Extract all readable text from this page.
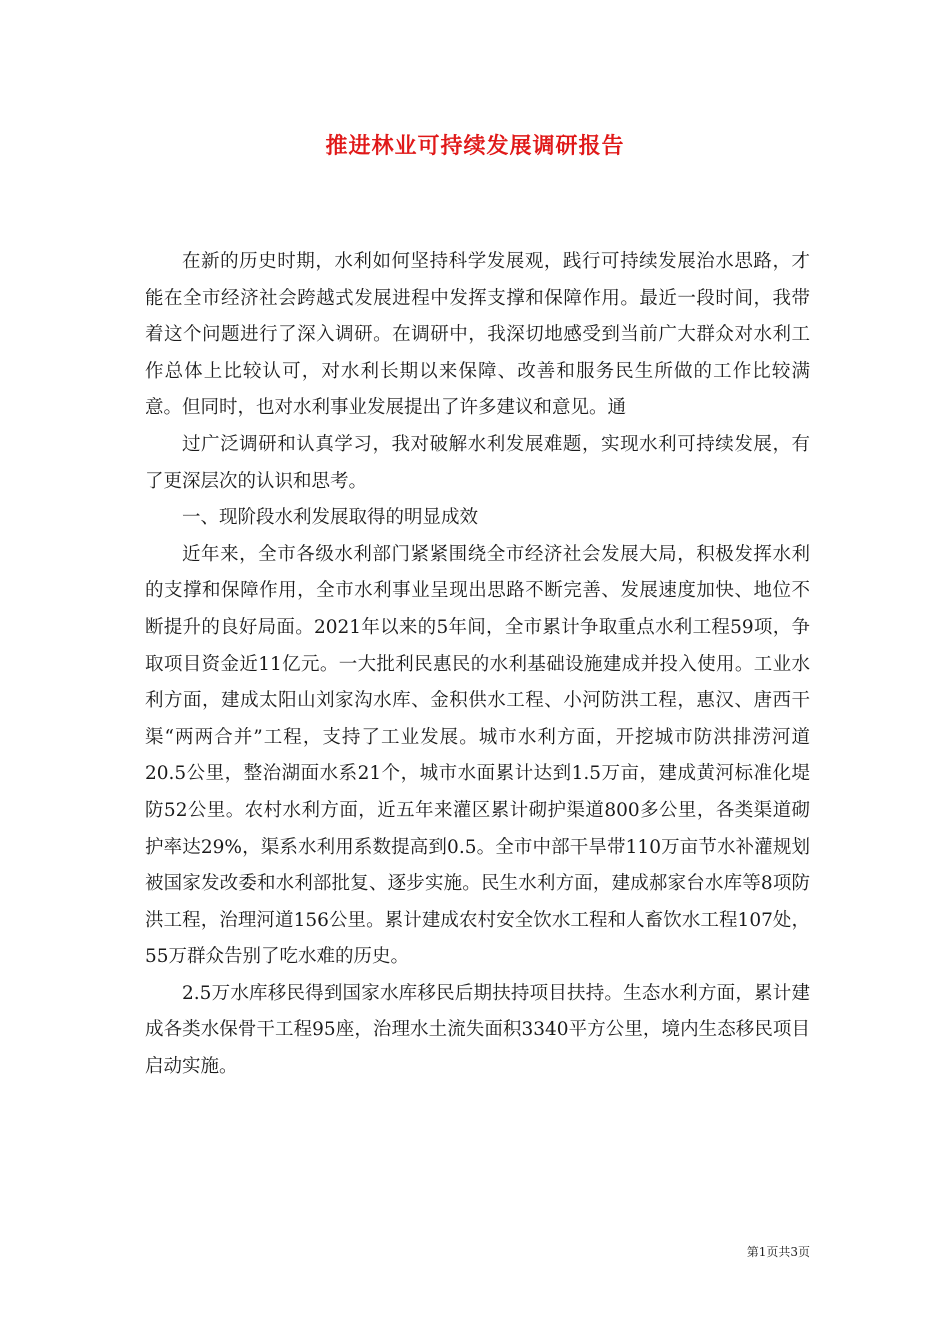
推进林业可持续发展调研报告

在新的历史时期，水利如何坚持科学发展观，践行可持续发展治水思路，才能在全市经济社会跨越式发展进程中发挥支撑和保障作用。最近一段时间，我带着这个问题进行了深入调研。在调研中，我深切地感受到当前广大群众对水利工作总体上比较认可，对水利长期以来保障、改善和服务民生所做的工作比较满意。但同时，也对水利事业发展提出了许多建议和意见。通

过广泛调研和认真学习，我对破解水利发展难题，实现水利可持续发展，有了更深层次的认识和思考。

一、现阶段水利发展取得的明显成效

近年来，全市各级水利部门紧紧围绕全市经济社会发展大局，积极发挥水利的支撑和保障作用，全市水利事业呈现出思路不断完善、发展速度加快、地位不断提升的良好局面。2021年以来的5年间，全市累计争取重点水利工程59项，争取项目资金近11亿元。一大批利民惠民的水利基础设施建成并投入使用。工业水利方面，建成太阳山刘家沟水库、金积供水工程、小河防洪工程，惠汉、唐西干渠“两两合并”工程，支持了工业发展。城市水利方面，开挖城市防洪排涝河道20.5公里，整治湖面水系21个，城市水面累计达到1.5万亩，建成黄河标准化堤防52公里。农村水利方面，近五年来灌区累计砌护渠道800多公里，各类渠道砌护率达29%，渠系水利用系数提高到0.5。全市中部干旱带110万亩节水补灌规划被国家发改委和水利部批复、逐步实施。民生水利方面，建成郝家台水库等8项防洪工程，治理河道156公里。累计建成农村安全饮水工程和人畜饮水工程107处，55万群众告别了吃水难的历史。

2.5万水库移民得到国家水库移民后期扶持项目扶持。生态水利方面，累计建成各类水保骨干工程95座，治理水土流失面积3340平方公里，境内生态移民项目启动实施。

第1页共3页
